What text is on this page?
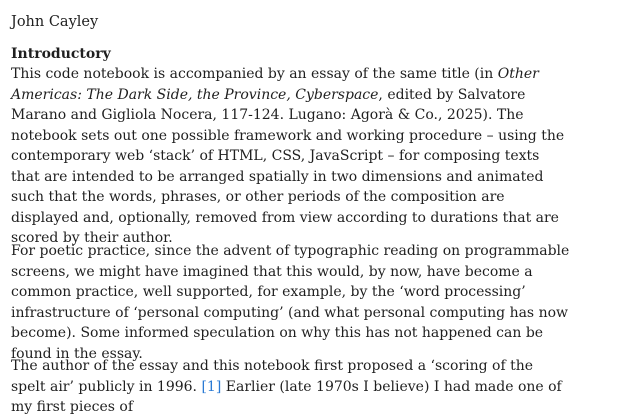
John Cayley
Introductory

This code notebook is accompanied by an essay of the same title (in Other Americas: The Dark Side, the Province, Cyberspace, edited by Salvatore Marano and Gigliola Nocera, 117-124. Lugano: Agorà & Co., 2025). The notebook sets out one possible framework and working procedure – using the contemporary web ‘stack’ of HTML, CSS, JavaScript – for composing texts that are intended to be arranged spatially in two dimensions and animated such that the words, phrases, or other periods of the composition are displayed and, optionally, removed from view according to durations that are scored by their author.

For poetic practice, since the advent of typographic reading on programmable screens, we might have imagined that this would, by now, have become a common practice, well supported, for example, by the ‘word processing’ infrastructure of ‘personal computing’ (and what personal computing has now become). Some informed speculation on why this has not happened can be found in the essay.

The author of the essay and this notebook first proposed a ‘scoring of the spelt air’ publicly in 1996. [1] Earlier (late 1970s I believe) I had made one of my first pieces of
